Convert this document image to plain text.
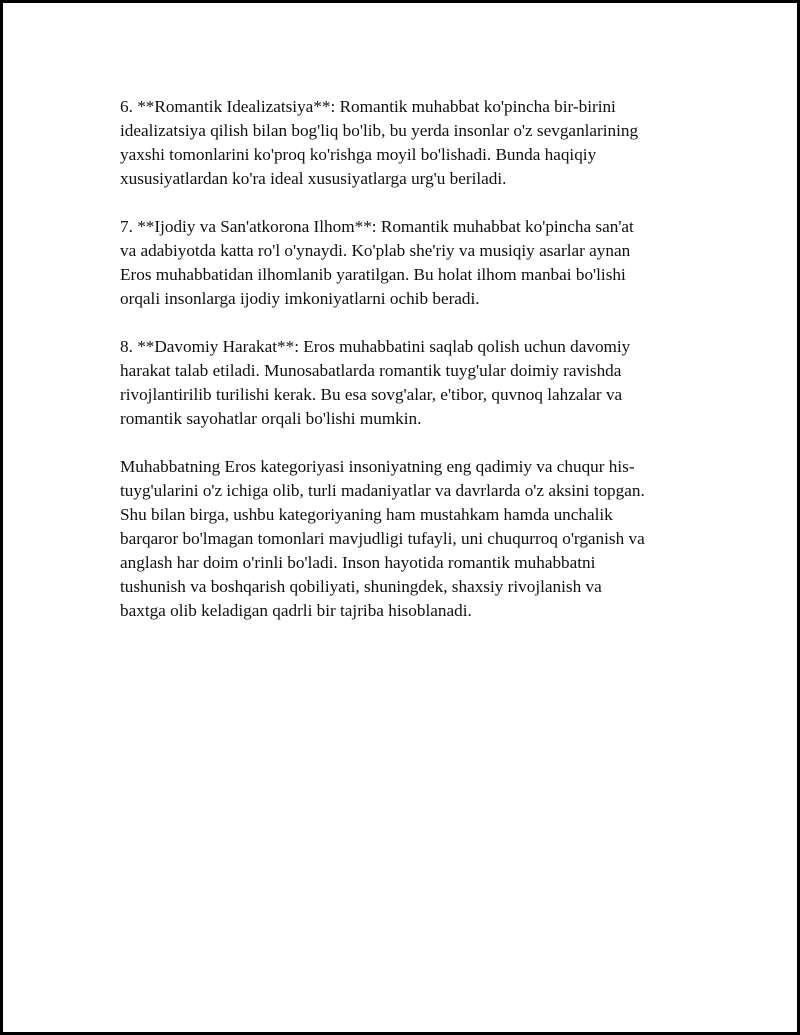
6. **Romantik Idealizatsiya**: Romantik muhabbat ko'pincha bir-birini
idealizatsiya qilish bilan bog'liq bo'lib, bu yerda insonlar o'z sevganlarining
yaxshi tomonlarini ko'proq ko'rishga moyil bo'lishadi. Bunda haqiqiy
xususiyatlardan ko'ra ideal xususiyatlarga urg'u beriladi.

7. **Ijodiy va San'atkorona Ilhom**: Romantik muhabbat ko'pincha san'at
va adabiyotda katta ro'l o'ynaydi. Ko'plab she'riy va musiqiy asarlar aynan
Eros muhabbatidan ilhomlanib yaratilgan. Bu holat ilhom manbai bo'lishi
orqali insonlarga ijodiy imkoniyatlarni ochib beradi.

8. **Davomiy Harakat**: Eros muhabbatini saqlab qolish uchun davomiy
harakat talab etiladi. Munosabatlarda romantik tuyg'ular doimiy ravishda
rivojlantirilib turilishi kerak. Bu esa sovg'alar, e'tibor, quvnoq lahzalar va
romantik sayohatlar orqali bo'lishi mumkin.

Muhabbatning Eros kategoriyasi insoniyatning eng qadimiy va chuqur his-
tuyg'ularini o'z ichiga olib, turli madaniyatlar va davrlarda o'z aksini topgan.
Shu bilan birga, ushbu kategoriyaning ham mustahkam hamda unchalik
barqaror bo'lmagan tomonlari mavjudligi tufayli, uni chuqurroq o'rganish va
anglash har doim o'rinli bo'ladi. Inson hayotida romantik muhabbatni
tushunish va boshqarish qobiliyati, shuningdek, shaxsiy rivojlanish va
baxtga olib keladigan qadrli bir tajriba hisoblanadi.
